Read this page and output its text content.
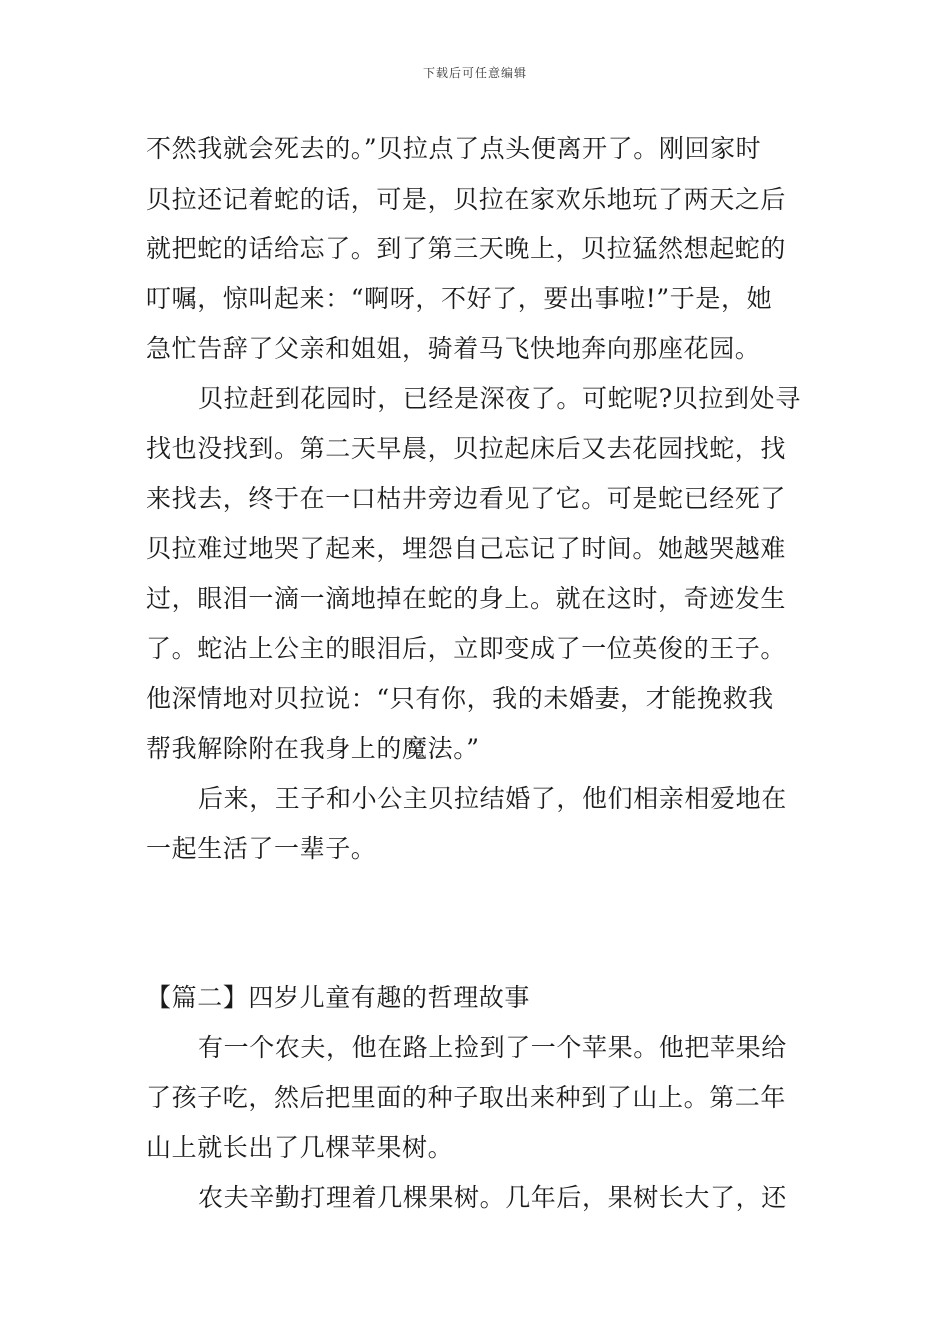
下载后可任意编辑
不然我就会死去的。”贝拉点了点头便离开了。刚回家时
贝拉还记着蛇的话，可是，贝拉在家欢乐地玩了两天之后
就把蛇的话给忘了。到了第三天晚上，贝拉猛然想起蛇的
叮嘱，惊叫起来：“啊呀，不好了，要出事啦!”于是，她
急忙告辞了父亲和姐姐，骑着马飞快地奔向那座花园。
贝拉赶到花园时，已经是深夜了。可蛇呢?贝拉到处寻
找也没找到。第二天早晨，贝拉起床后又去花园找蛇，找
来找去，终于在一口枯井旁边看见了它。可是蛇已经死了
贝拉难过地哭了起来，埋怨自己忘记了时间。她越哭越难
过，眼泪一滴一滴地掉在蛇的身上。就在这时，奇迹发生
了。蛇沾上公主的眼泪后，立即变成了一位英俊的王子。
他深情地对贝拉说：“只有你，我的未婚妻，才能挽救我
帮我解除附在我身上的魔法。”
后来，王子和小公主贝拉结婚了，他们相亲相爱地在
一起生活了一辈子。
【篇二】四岁儿童有趣的哲理故事
有一个农夫，他在路上捡到了一个苹果。他把苹果给
了孩子吃，然后把里面的种子取出来种到了山上。第二年
山上就长出了几棵苹果树。
农夫辛勤打理着几棵果树。几年后，果树长大了，还
